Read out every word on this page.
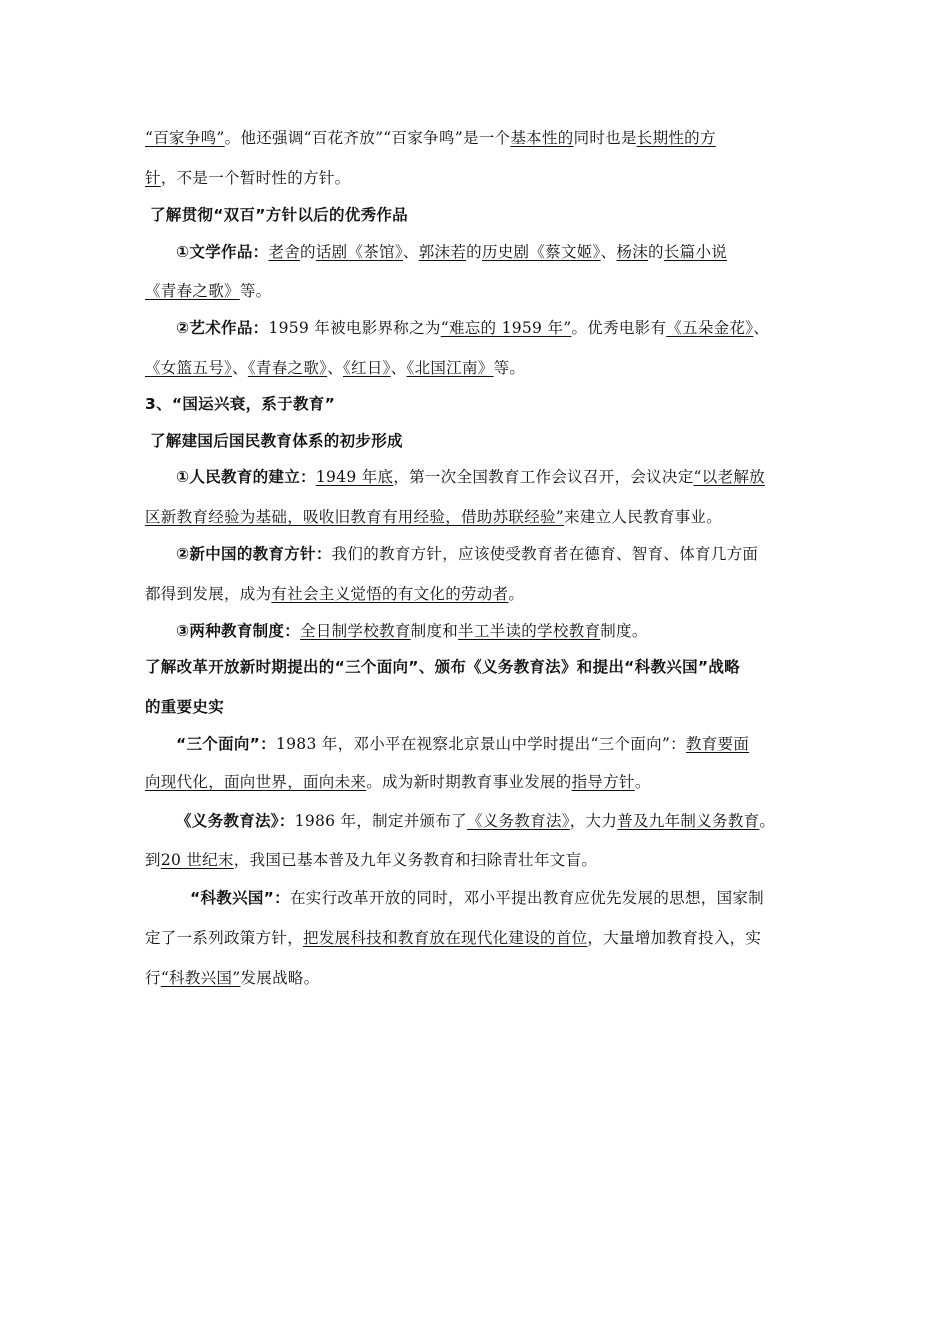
“百家争鸣”。他还强调“百花齐放”“百家争鸣”是一个基本性的同时也是长期性的方
针，不是一个暂时性的方针。
了解贯彻“双百”方针以后的优秀作品
①文学作品：老舍的话剧《茶馆》、郭沫若的历史剧《蔡文姬》、杨沫的长篇小说
《青春之歌》等。
②艺术作品：1959 年被电影界称之为“难忘的 1959 年”。优秀电影有《五朵金花》、
《女篮五号》、《青春之歌》、《红日》、《北国江南》等。
3、“国运兴衰，系于教育”
了解建国后国民教育体系的初步形成
①人民教育的建立：1949 年底，第一次全国教育工作会议召开，会议决定“以老解放
区新教育经验为基础，吸收旧教育有用经验，借助苏联经验”来建立人民教育事业。
②新中国的教育方针：我们的教育方针，应该使受教育者在德育、智育、体育几方面
都得到发展，成为有社会主义觉悟的有文化的劳动者。
③两种教育制度：全日制学校教育制度和半工半读的学校教育制度。
了解改革开放新时期提出的“三个面向”、颁布《义务教育法》和提出“科教兴国”战略
的重要史实
“三个面向”：1983 年，邓小平在视察北京景山中学时提出“三个面向”：教育要面
向现代化，面向世界，面向未来。成为新时期教育事业发展的指导方针。
《义务教育法》：1986 年，制定并颁布了《义务教育法》，大力普及九年制义务教育。
到20 世纪末，我国已基本普及九年义务教育和扫除青壮年文盲。
“科教兴国”：在实行改革开放的同时，邓小平提出教育应优先发展的思想，国家制
定了一系列政策方针，把发展科技和教育放在现代化建设的首位，大量增加教育投入，实
行“科教兴国”发展战略。
